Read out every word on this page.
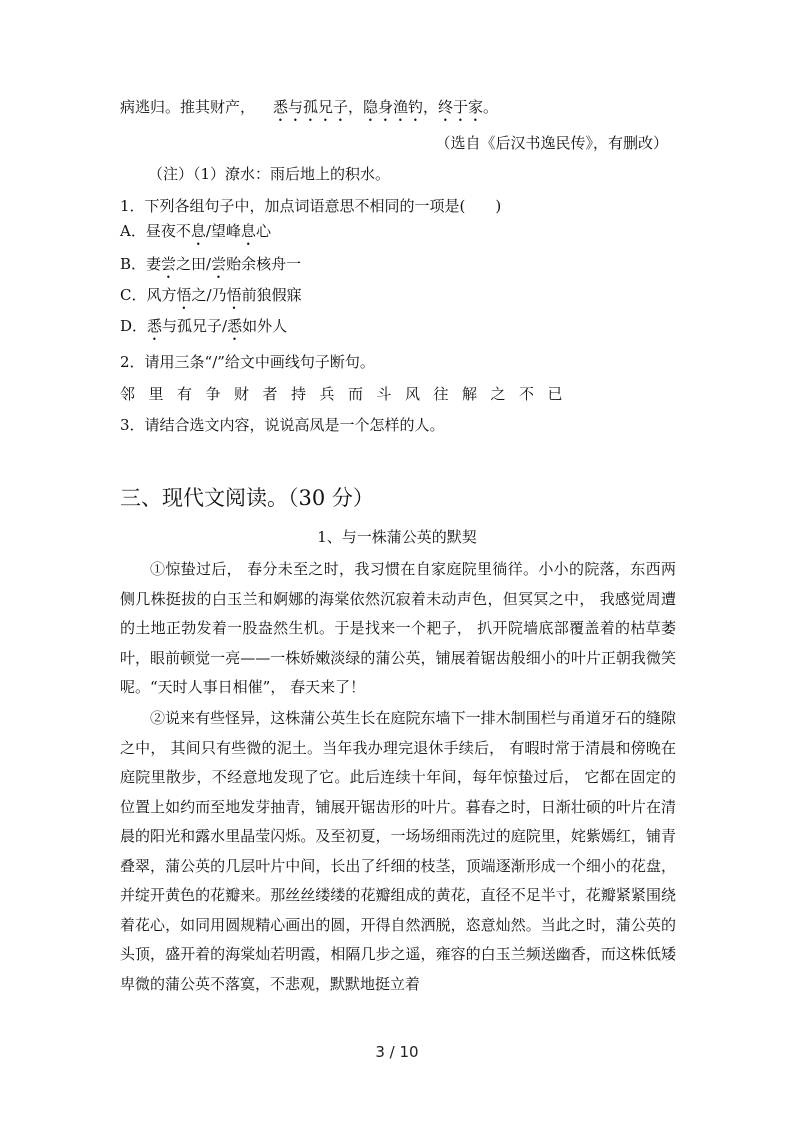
病逃归。推其财产， 悉与孤兄子，隐身渔钓，终于家。
（选自《后汉书逸民传》，有删改）
（注）（1）潦水：雨后地上的积水。
1．下列各组句子中，加点词语意思不相同的一项是(　　)
A．昼夜不息/望峰息心
B．妻尝之田/尝贻余核舟一
C．风方悟之/乃悟前狼假寐
D．悉与孤兄子/悉如外人
2．请用三条“/”给文中画线句子断句。
邻里有争财者持兵而斗风往解之不已
3．请结合选文内容，说说高凤是一个怎样的人。
三、现代文阅读。（30 分）
1、与一株蒲公英的默契
①惊蛰过后， 春分未至之时，我习惯在自家庭院里徜徉。小小的院落，东西两侧几株挺拔的白玉兰和婀娜的海棠依然沉寂着未动声色，但冥冥之中， 我感觉周遭的土地正勃发着一股盎然生机。于是找来一个耙子， 扒开院墙底部覆盖着的枯草萎叶，眼前顿觉一亮——一株娇嫩淡绿的蒲公英，铺展着锯齿般细小的叶片正朝我微笑呢。“天时人事日相催”， 春天来了！
②说来有些怪异，这株蒲公英生长在庭院东墙下一排木制围栏与甬道牙石的缝隙之中， 其间只有些微的泥土。当年我办理完退休手续后， 有暇时常于清晨和傍晚在庭院里散步，不经意地发现了它。此后连续十年间，每年惊蛰过后， 它都在固定的位置上如约而至地发芽抽青，铺展开锯齿形的叶片。暮春之时，日渐壮硕的叶片在清晨的阳光和露水里晶莹闪烁。及至初夏，一场场细雨洗过的庭院里，姹紫嫣红，铺青叠翠，蒲公英的几层叶片中间，长出了纤细的枝茎，顶端逐渐形成一个细小的花盘，并绽开黄色的花瓣来。那丝丝缕缕的花瓣组成的黄花，直径不足半寸，花瓣紧紧围绕着花心，如同用圆规精心画出的圆，开得自然洒脱，恣意灿然。当此之时，蒲公英的头顶，盛开着的海棠灿若明霞，相隔几步之遥，雍容的白玉兰频送幽香，而这株低矮卑微的蒲公英不落寞，不悲观，默默地挺立着
3 / 10
